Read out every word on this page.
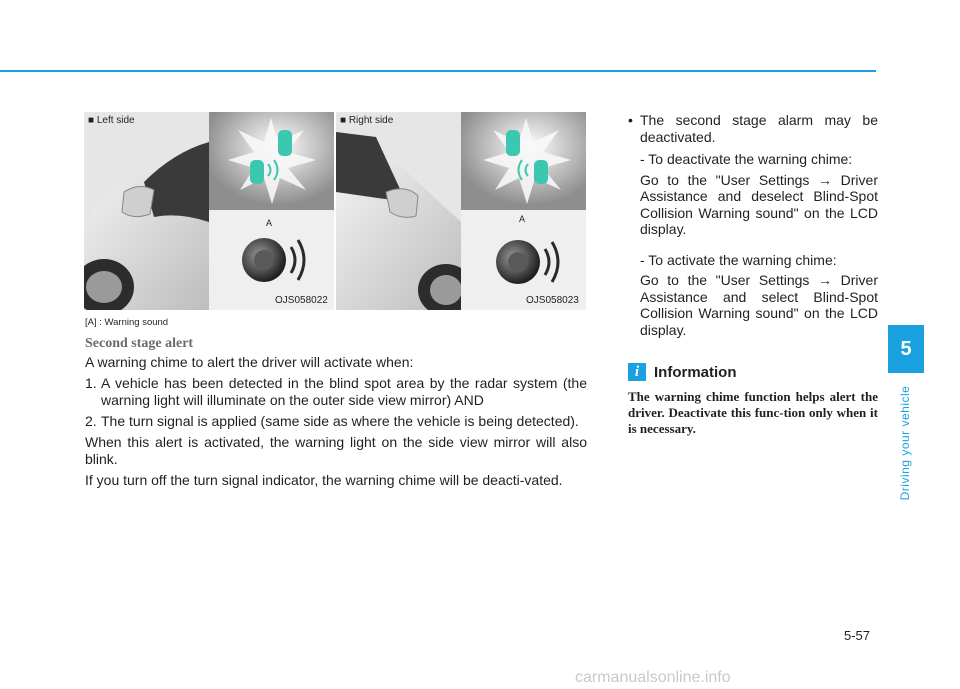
■ Left side
A
OJS058022
■ Right side
A
OJS058023
[A] : Warning sound
Second stage alert

A warning chime to alert the driver will activate when:

1. A vehicle has been detected in the blind spot area by the radar system (the warning light will illuminate on the outer side view mirror) AND
2. The turn signal is applied (same side as where the vehicle is being detected).

When this alert is activated, the warning light on the side view mirror will also blink.

If you turn off the turn signal indicator, the warning chime will be deacti-vated.

• The second stage alarm may be deactivated.

- To deactivate the warning chime:

Go to the "User Settings → Driver Assistance and deselect Blind-Spot Collision Warning sound" on the LCD display.

- To activate the warning chime:

Go to the "User Settings → Driver Assistance and select Blind-Spot Collision Warning sound" on the LCD display.

i Information
The warning chime function helps alert the driver. Deactivate this func-tion only when it is necessary.
5
Driving your vehicle
5-57
carmanualsonline.info
